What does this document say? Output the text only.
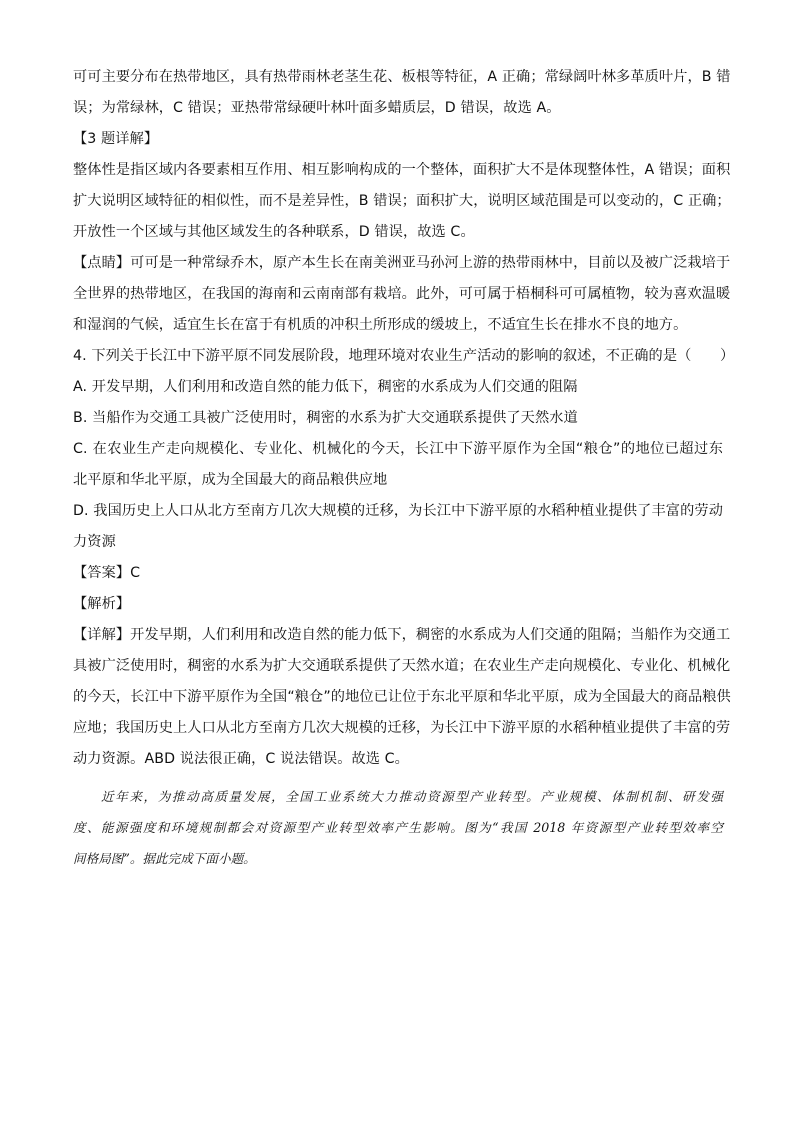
可可主要分布在热带地区，具有热带雨林老茎生花、板根等特征，A 正确；常绿阔叶林多革质叶片，B 错
误；为常绿林，C 错误；亚热带常绿硬叶林叶面多蜡质层，D 错误，故选 A。
【3 题详解】
整体性是指区域内各要素相互作用、相互影响构成的一个整体，面积扩大不是体现整体性，A 错误；面积
扩大说明区域特征的相似性，而不是差异性，B 错误；面积扩大，说明区域范围是可以变动的，C 正确；
开放性一个区域与其他区域发生的各种联系，D 错误，故选 C。
【点睛】可可是一种常绿乔木，原产本生长在南美洲亚马孙河上游的热带雨林中，目前以及被广泛栽培于
全世界的热带地区，在我国的海南和云南南部有栽培。此外，可可属于梧桐科可可属植物，较为喜欢温暖
和湿润的气候，适宜生长在富于有机质的冲积土所形成的缓坡上，不适宜生长在排水不良的地方。
4. 下列关于长江中下游平原不同发展阶段，地理环境对农业生产活动的影响的叙述，不正确的是（　　）
A. 开发早期，人们利用和改造自然的能力低下，稠密的水系成为人们交通的阻隔
B. 当船作为交通工具被广泛使用时，稠密的水系为扩大交通联系提供了天然水道
C. 在农业生产走向规模化、专业化、机械化的今天，长江中下游平原作为全国“粮仓”的地位已超过东
北平原和华北平原，成为全国最大的商品粮供应地
D. 我国历史上人口从北方至南方几次大规模的迁移，为长江中下游平原的水稻种植业提供了丰富的劳动
力资源
【答案】C
【解析】
【详解】开发早期，人们利用和改造自然的能力低下，稠密的水系成为人们交通的阻隔；当船作为交通工
具被广泛使用时，稠密的水系为扩大交通联系提供了天然水道；在农业生产走向规模化、专业化、机械化
的今天，长江中下游平原作为全国“粮仓”的地位已让位于东北平原和华北平原，成为全国最大的商品粮供
应地；我国历史上人口从北方至南方几次大规模的迁移，为长江中下游平原的水稻种植业提供了丰富的劳
动力资源。ABD 说法很正确，C 说法错误。故选 C。
近年来，为推动高质量发展，全国工业系统大力推动资源型产业转型。产业规模、体制机制、研发强
度、能源强度和环境规制都会对资源型产业转型效率产生影响。图为“我国 2018 年资源型产业转型效率空
间格局图”。据此完成下面小题。
